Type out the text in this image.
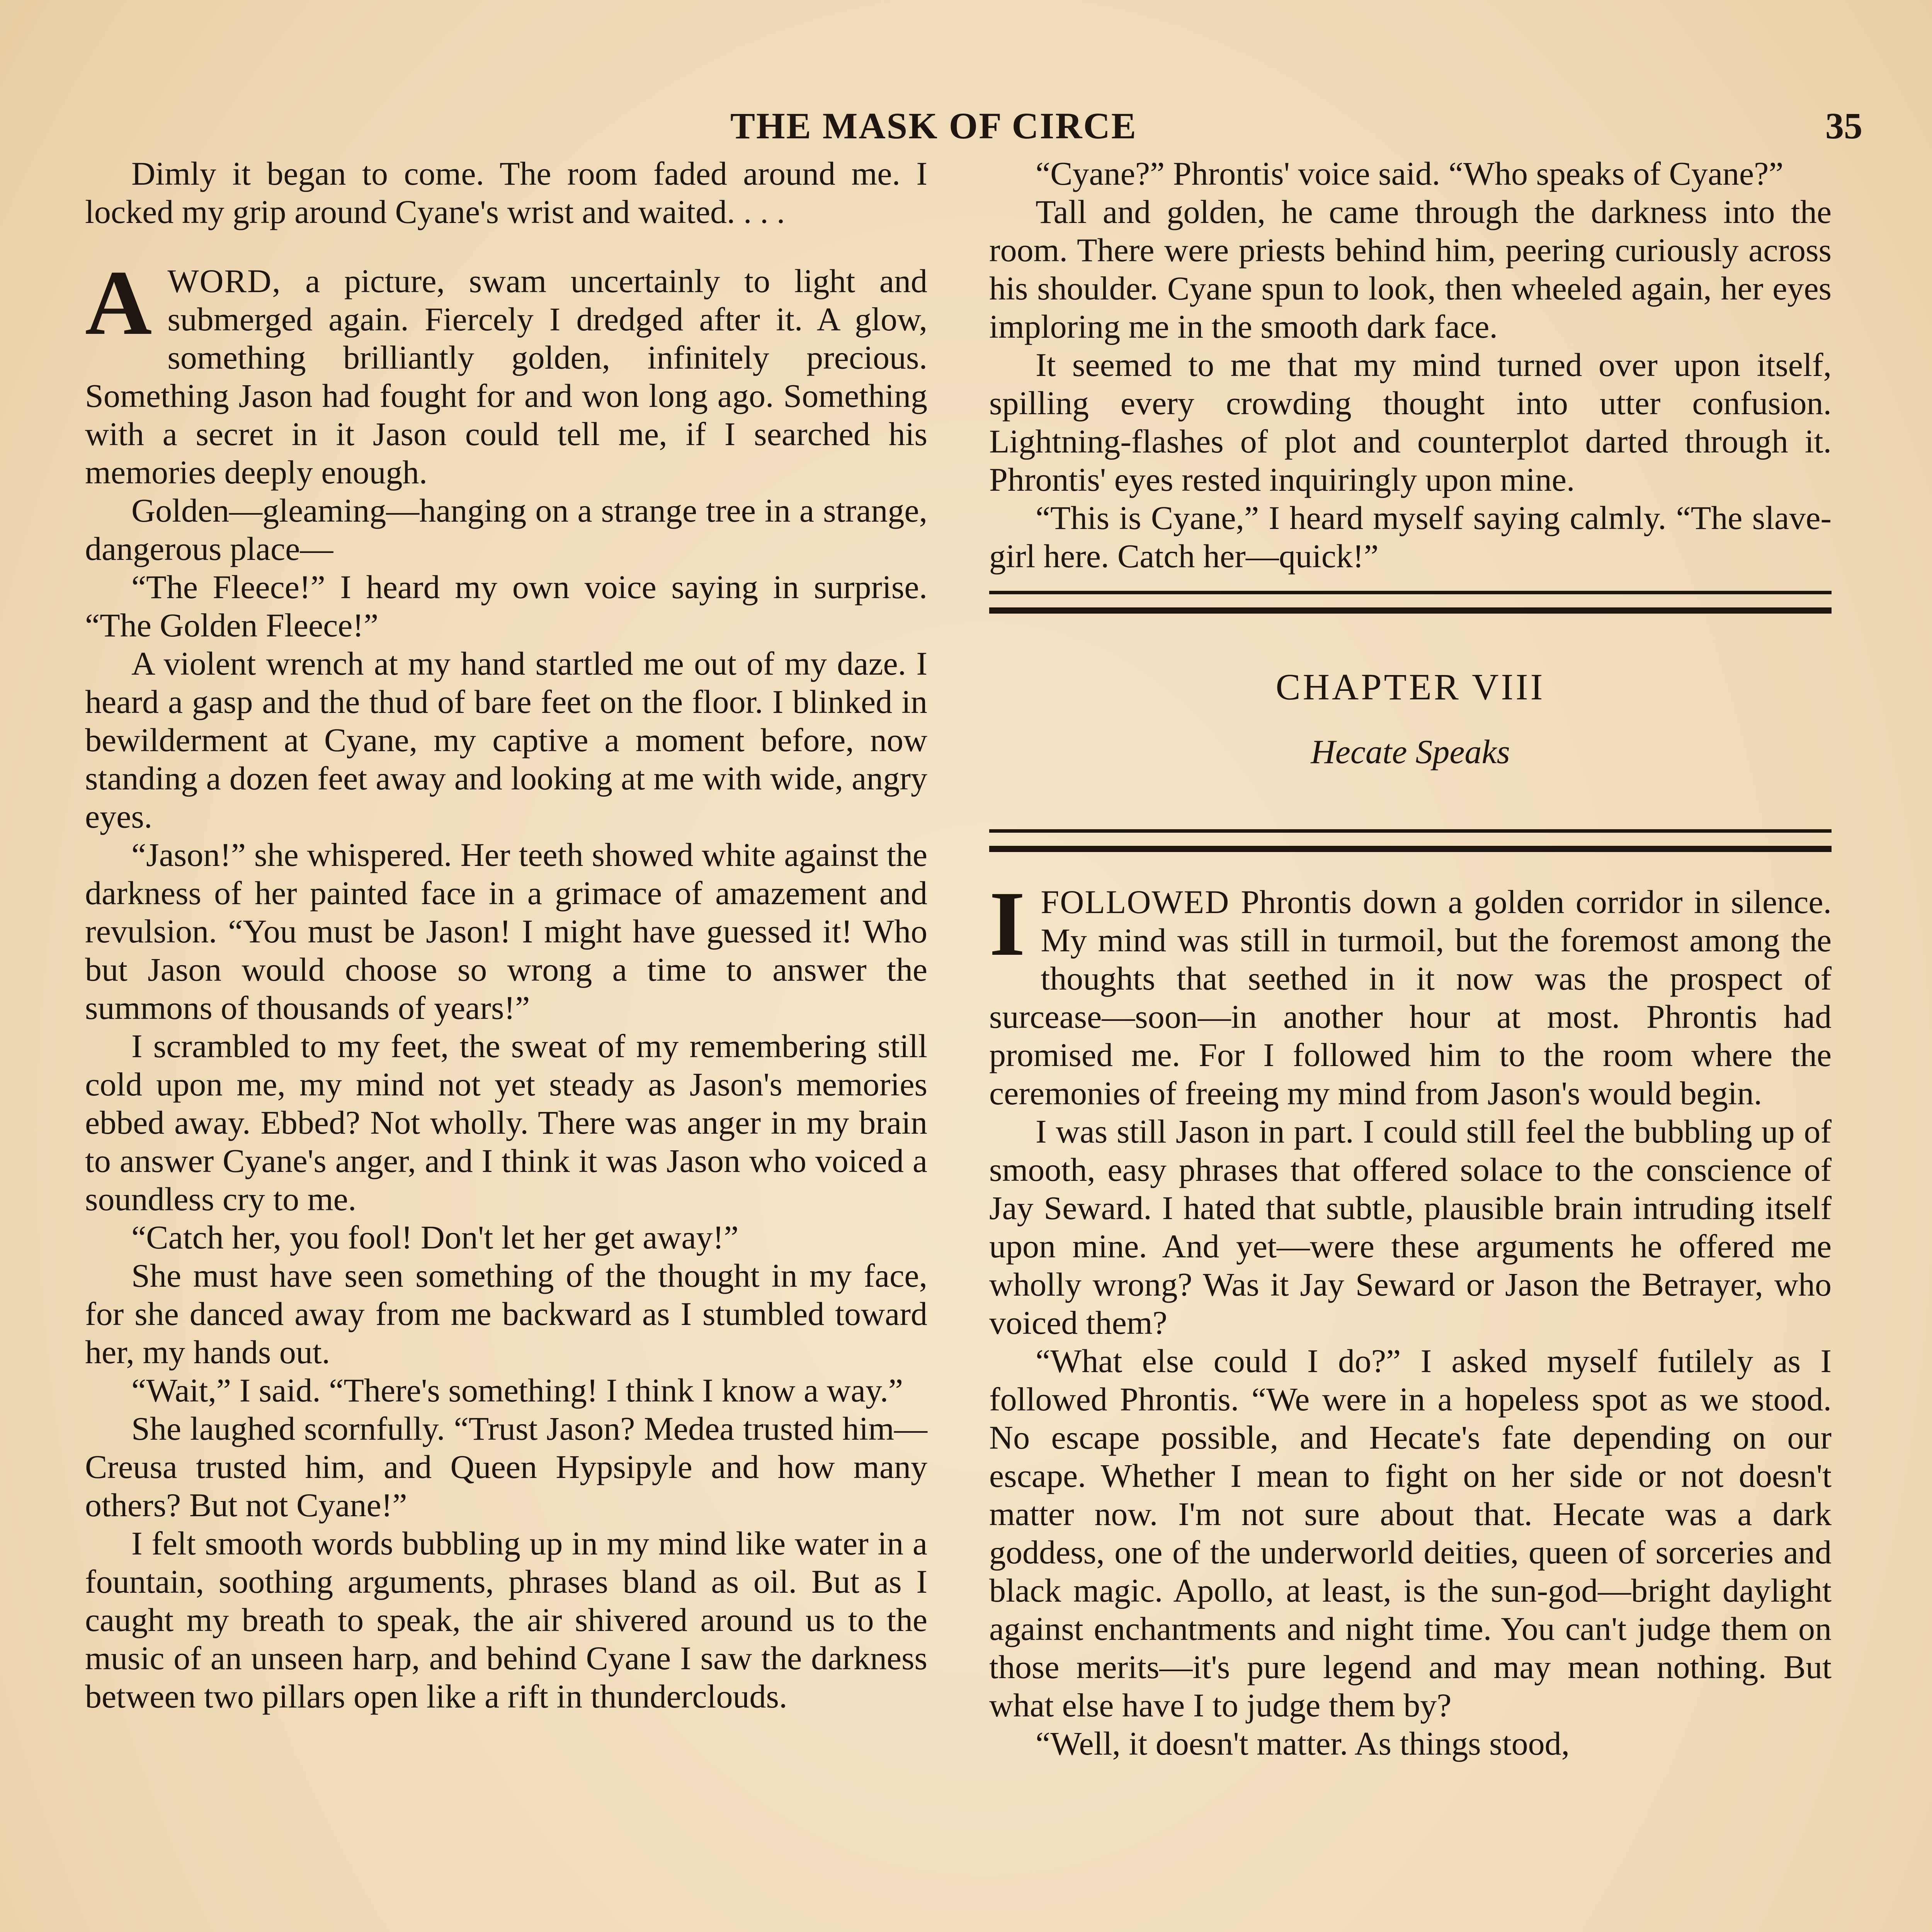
THE MASK OF CIRCE	35

Dimly it began to come. The room faded around me. I locked my grip around Cyane's wrist and waited. . . .

AWORD, a picture, swam uncertainly to light and submerged again. Fiercely I dredged after it. A glow, something brilliantly golden, infinitely precious. Something Jason had fought for and won long ago. Something with a secret in it Jason could tell me, if I searched his memories deeply enough.

Golden—gleaming—hanging on a strange tree in a strange, dangerous place—

“The Fleece!” I heard my own voice saying in surprise. “The Golden Fleece!”

A violent wrench at my hand startled me out of my daze. I heard a gasp and the thud of bare feet on the floor. I blinked in bewilderment at Cyane, my captive a moment before, now standing a dozen feet away and looking at me with wide, angry eyes.

“Jason!” she whispered. Her teeth showed white against the darkness of her painted face in a grimace of amazement and revulsion. “You must be Jason! I might have guessed it! Who but Jason would choose so wrong a time to answer the summons of thousands of years!”

I scrambled to my feet, the sweat of my remembering still cold upon me, my mind not yet steady as Jason's memories ebbed away. Ebbed? Not wholly. There was anger in my brain to answer Cyane's anger, and I think it was Jason who voiced a soundless cry to me.

“Catch her, you fool! Don't let her get away!”

She must have seen something of the thought in my face, for she danced away from me backward as I stumbled toward her, my hands out.

“Wait,” I said. “There's something! I think I know a way.”

She laughed scornfully. “Trust Jason? Medea trusted him—Creusa trusted him, and Queen Hypsipyle and how many others? But not Cyane!”

I felt smooth words bubbling up in my mind like water in a fountain, soothing arguments, phrases bland as oil. But as I caught my breath to speak, the air shivered around us to the music of an unseen harp, and behind Cyane I saw the darkness between two pillars open like a rift in thunderclouds.

“Cyane?” Phrontis' voice said. “Who speaks of Cyane?”

Tall and golden, he came through the darkness into the room. There were priests behind him, peering curiously across his shoulder. Cyane spun to look, then wheeled again, her eyes imploring me in the smooth dark face.

It seemed to me that my mind turned over upon itself, spilling every crowding thought into utter confusion. Lightning-flashes of plot and counterplot darted through it. Phrontis' eyes rested inquiringly upon mine.

“This is Cyane,” I heard myself saying calmly. “The slave-girl here. Catch her—quick!”

CHAPTER VIII
Hecate Speaks

IFOLLOWED Phrontis down a golden corridor in silence. My mind was still in turmoil, but the foremost among the thoughts that seethed in it now was the prospect of surcease—soon—in another hour at most. Phrontis had promised me. For I followed him to the room where the ceremonies of freeing my mind from Jason's would begin.

I was still Jason in part. I could still feel the bubbling up of smooth, easy phrases that offered solace to the conscience of Jay Seward. I hated that subtle, plausible brain intruding itself upon mine. And yet—were these arguments he offered me wholly wrong? Was it Jay Seward or Jason the Betrayer, who voiced them?

“What else could I do?” I asked myself futilely as I followed Phrontis. “We were in a hopeless spot as we stood. No escape possible, and Hecate's fate depending on our escape. Whether I mean to fight on her side or not doesn't matter now. I'm not sure about that. Hecate was a dark goddess, one of the underworld deities, queen of sorceries and black magic. Apollo, at least, is the sun-god—bright daylight against enchantments and night time. You can't judge them on those merits—it's pure legend and may mean nothing. But what else have I to judge them by?

“Well, it doesn't matter. As things stood,
